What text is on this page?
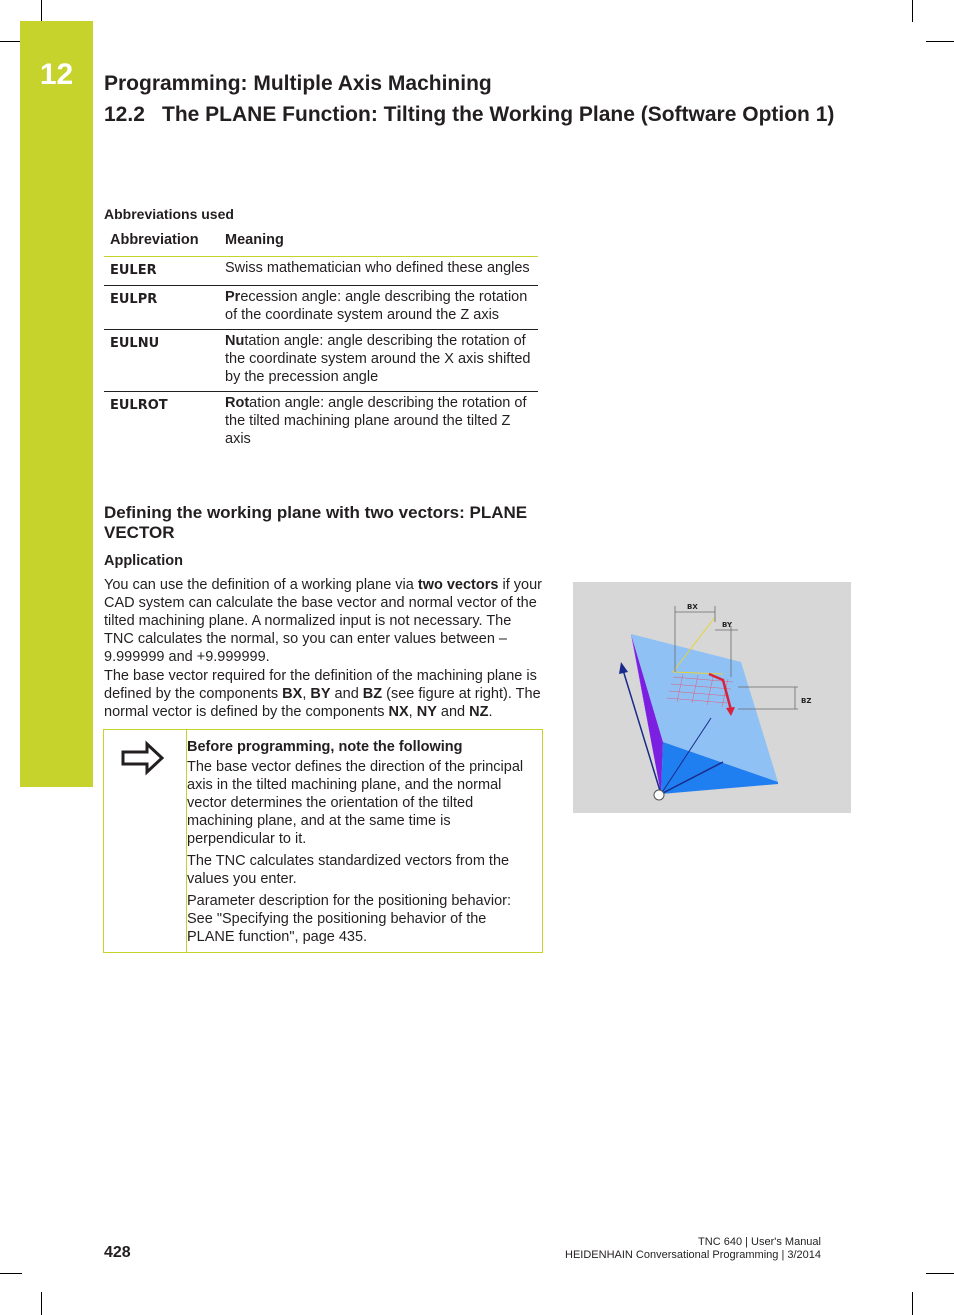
12	Programming: Multiple Axis Machining
12.2 The PLANE Function: Tilting the Working Plane (Software Option 1)
Abbreviations used
Abbreviation	Meaning
EULER	Swiss mathematician who defined these angles
EULPR	Precession angle: angle describing the rotation of the coordinate system around the Z axis
EULNU	Nutation angle: angle describing the rotation of the coordinate system around the X axis shifted by the precession angle
EULROT	Rotation angle: angle describing the rotation of the tilted machining plane around the tilted Z axis
Defining the working plane with two vectors: PLANE VECTOR
Application

You can use the definition of a working plane via two vectors if your CAD system can calculate the base vector and normal vector of the tilted machining plane. A normalized input is not necessary. The TNC calculates the normal, so you can enter values between –9.999999 and +9.999999.

The base vector required for the definition of the machining plane is defined by the components BX, BY and BZ (see figure at right). The normal vector is defined by the components NX, NY and NZ.

Before programming, note the following

The base vector defines the direction of the principal axis in the tilted machining plane, and the normal vector determines the orientation of the tilted machining plane, and at the same time is perpendicular to it.

The TNC calculates standardized vectors from the values you enter.

Parameter description for the positioning behavior: See "Specifying the positioning behavior of the PLANE function", page 435.

BX
BY
BZ
428
TNC 640 | User's Manual
HEIDENHAIN Conversational Programming | 3/2014
